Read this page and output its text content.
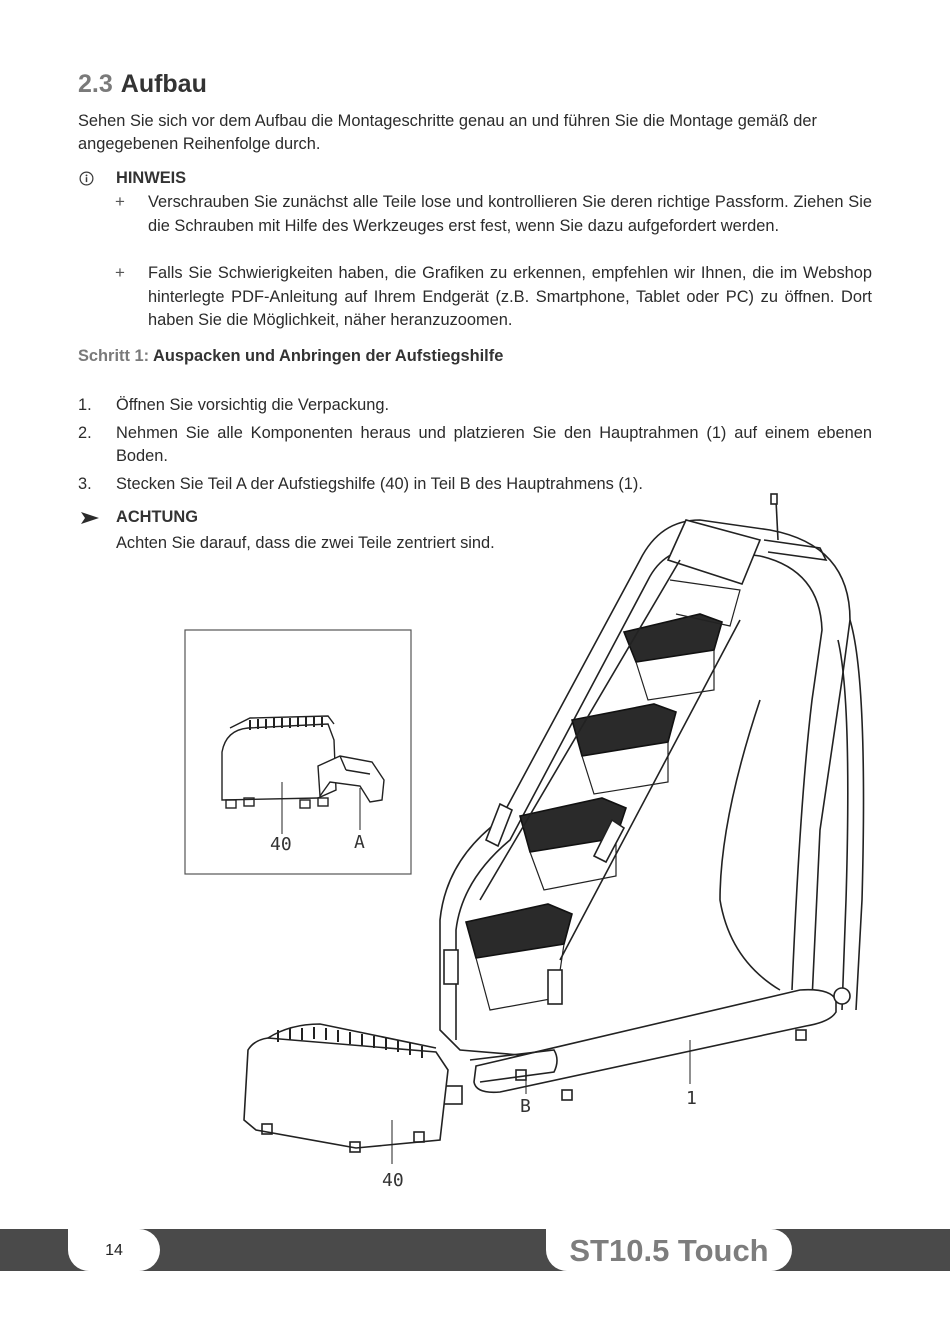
2.3 Aufbau
Sehen Sie sich vor dem Aufbau die Montageschritte genau an und führen Sie die Montage gemäß der angegebenen Reihenfolge durch.
HINWEIS
+ Verschrauben Sie zunächst alle Teile lose und kontrollieren Sie deren richtige Passform. Ziehen Sie die Schrauben mit Hilfe des Werkzeuges erst fest, wenn Sie dazu aufgefordert werden.
+ Falls Sie Schwierigkeiten haben, die Grafiken zu erkennen, empfehlen wir Ihnen, die im Webshop hinterlegte PDF-Anleitung auf Ihrem Endgerät (z.B. Smartphone, Tablet oder PC) zu öffnen. Dort haben Sie die Möglichkeit, näher heranzuzoomen.
Schritt 1: Auspacken und Anbringen der Aufstiegshilfe
1. Öffnen Sie vorsichtig die Verpackung.
2. Nehmen Sie alle Komponenten heraus und platzieren Sie den Hauptrahmen (1) auf einem ebenen Boden.
3. Stecken Sie Teil A der Aufstiegshilfe (40) in Teil B des Hauptrahmens (1).
ACHTUNG
Achten Sie darauf, dass die zwei Teile zentriert sind.
40	A
40
B	1
14	ST10.5 Touch
